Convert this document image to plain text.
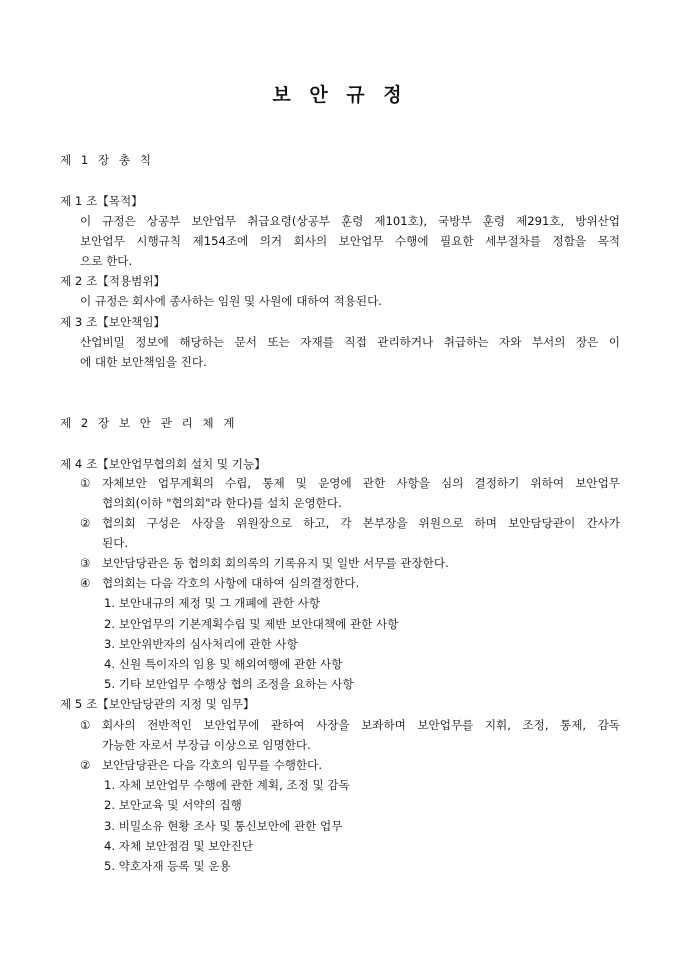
보 안 규 정
제 1 장 총 칙
제 1 조【목적】
이 규정은 상공부 보안업무 취급요령(상공부 훈령 제101호), 국방부 훈령 제291호, 방위산업
보안업무 시행규칙 제154조에 의거 회사의 보안업무 수행에 필요한 세부절차를 정함을 목적
으로 한다.
제 2 조【적용범위】
이 규정은 회사에 종사하는 임원 및 사원에 대하여 적용된다.
제 3 조【보안책임】
산업비밀 정보에 해당하는 문서 또는 자재를 직접 관리하거나 취급하는 자와 부서의 장은 이
에 대한 보안책임을 진다.
제 2 장 보 안 관 리 체 계
제 4 조【보안업무협의회 설치 및 기능】
① 자체보안 업무계획의 수립, 통제 및 운영에 관한 사항을 심의 결정하기 위하여 보안업무
협의회(이하 "협의회"라 한다)를 설치 운영한다.
② 협의회 구성은 사장을 위원장으로 하고, 각 본부장을 위원으로 하며 보안담당관이 간사가
된다.
③ 보안담당관은 동 협의회 회의록의 기록유지 및 일반 서무를 관장한다.
④ 협의회는 다음 각호의 사항에 대하여 심의결정한다.
1. 보안내규의 제정 및 그 개폐에 관한 사항
2. 보안업무의 기본계획수립 및 제반 보안대책에 관한 사항
3. 보안위반자의 심사처리에 관한 사항
4. 신원 특이자의 임용 및 해외여행에 관한 사항
5. 기타 보안업무 수행상 협의 조정을 요하는 사항
제 5 조【보안담당관의 지정 및 임무】
① 회사의 전반적인 보안업무에 관하여 사장을 보좌하며 보안업무를 지휘, 조정, 통제, 감독
가능한 자로서 부장급 이상으로 임명한다.
② 보안담당관은 다음 각호의 임무를 수행한다.
1. 자체 보안업무 수행에 관한 계획, 조정 및 감독
2. 보안교육 및 서약의 집행
3. 비밀소유 현황 조사 및 통신보안에 관한 업무
4. 자체 보안점검 및 보안진단
5. 약호자재 등록 및 운용
